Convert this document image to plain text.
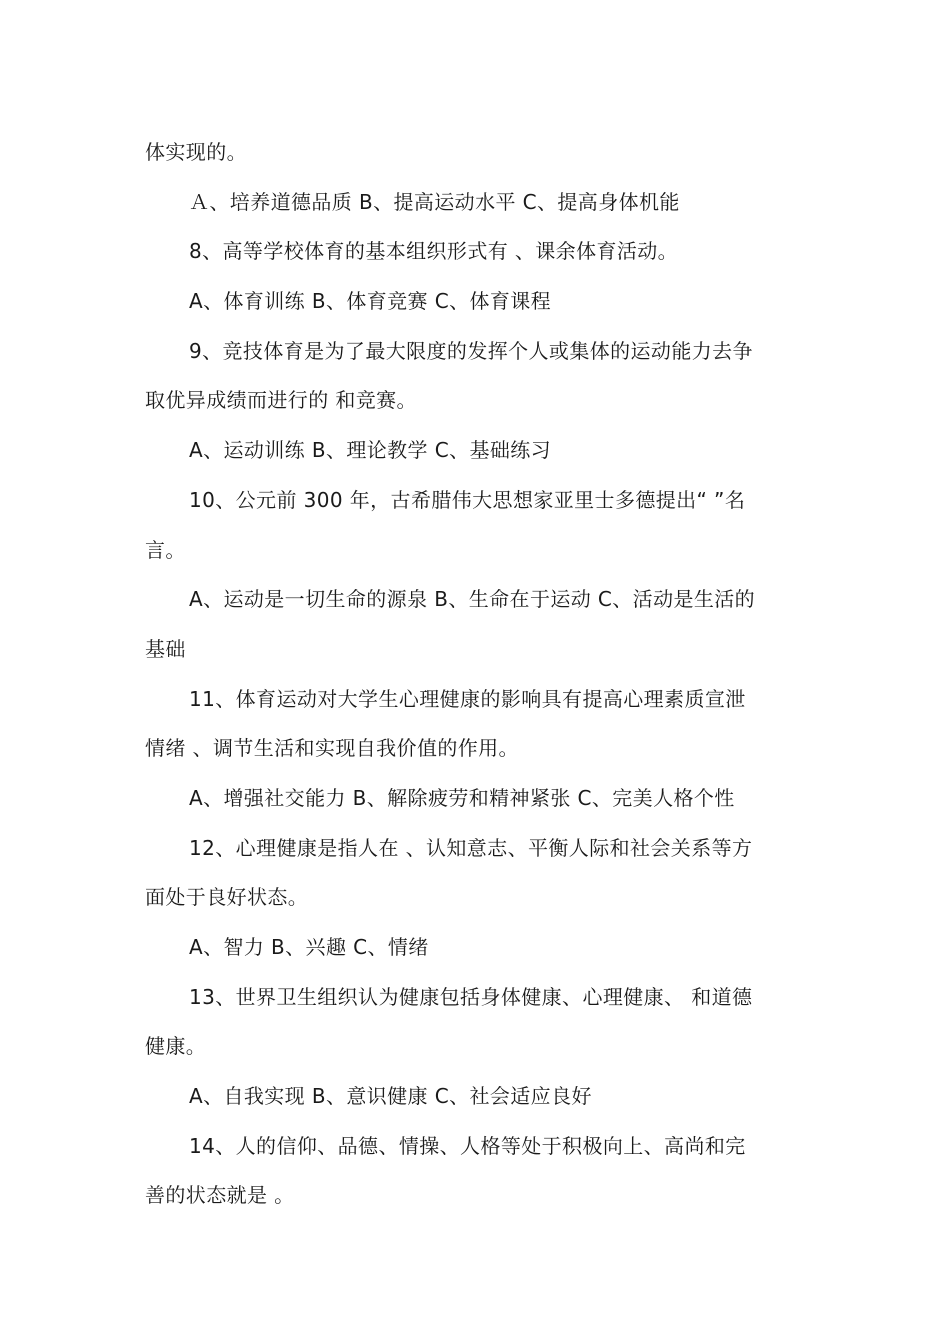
体实现的。
Ａ、培养道德品质 B、提高运动水平 C、提高身体机能
8、高等学校体育的基本组织形式有 、课余体育活动。
A、体育训练 B、体育竞赛 C、体育课程
9、竞技体育是为了最大限度的发挥个人或集体的运动能力去争
取优异成绩而进行的 和竞赛。
A、运动训练 B、理论教学 C、基础练习
10、公元前 300 年，古希腊伟大思想家亚里士多德提出“ ”名
言。
A、运动是一切生命的源泉 B、生命在于运动 C、活动是生活的
基础
11、体育运动对大学生心理健康的影响具有提高心理素质宣泄
情绪 、调节生活和实现自我价值的作用。
A、增强社交能力 B、解除疲劳和精神紧张 C、完美人格个性
12、心理健康是指人在 、认知意志、平衡人际和社会关系等方
面处于良好状态。
A、智力 B、兴趣 C、情绪
13、世界卫生组织认为健康包括身体健康、心理健康、 和道德
健康。
A、自我实现 B、意识健康 C、社会适应良好
14、人的信仰、品德、情操、人格等处于积极向上、高尚和完
善的状态就是 。
